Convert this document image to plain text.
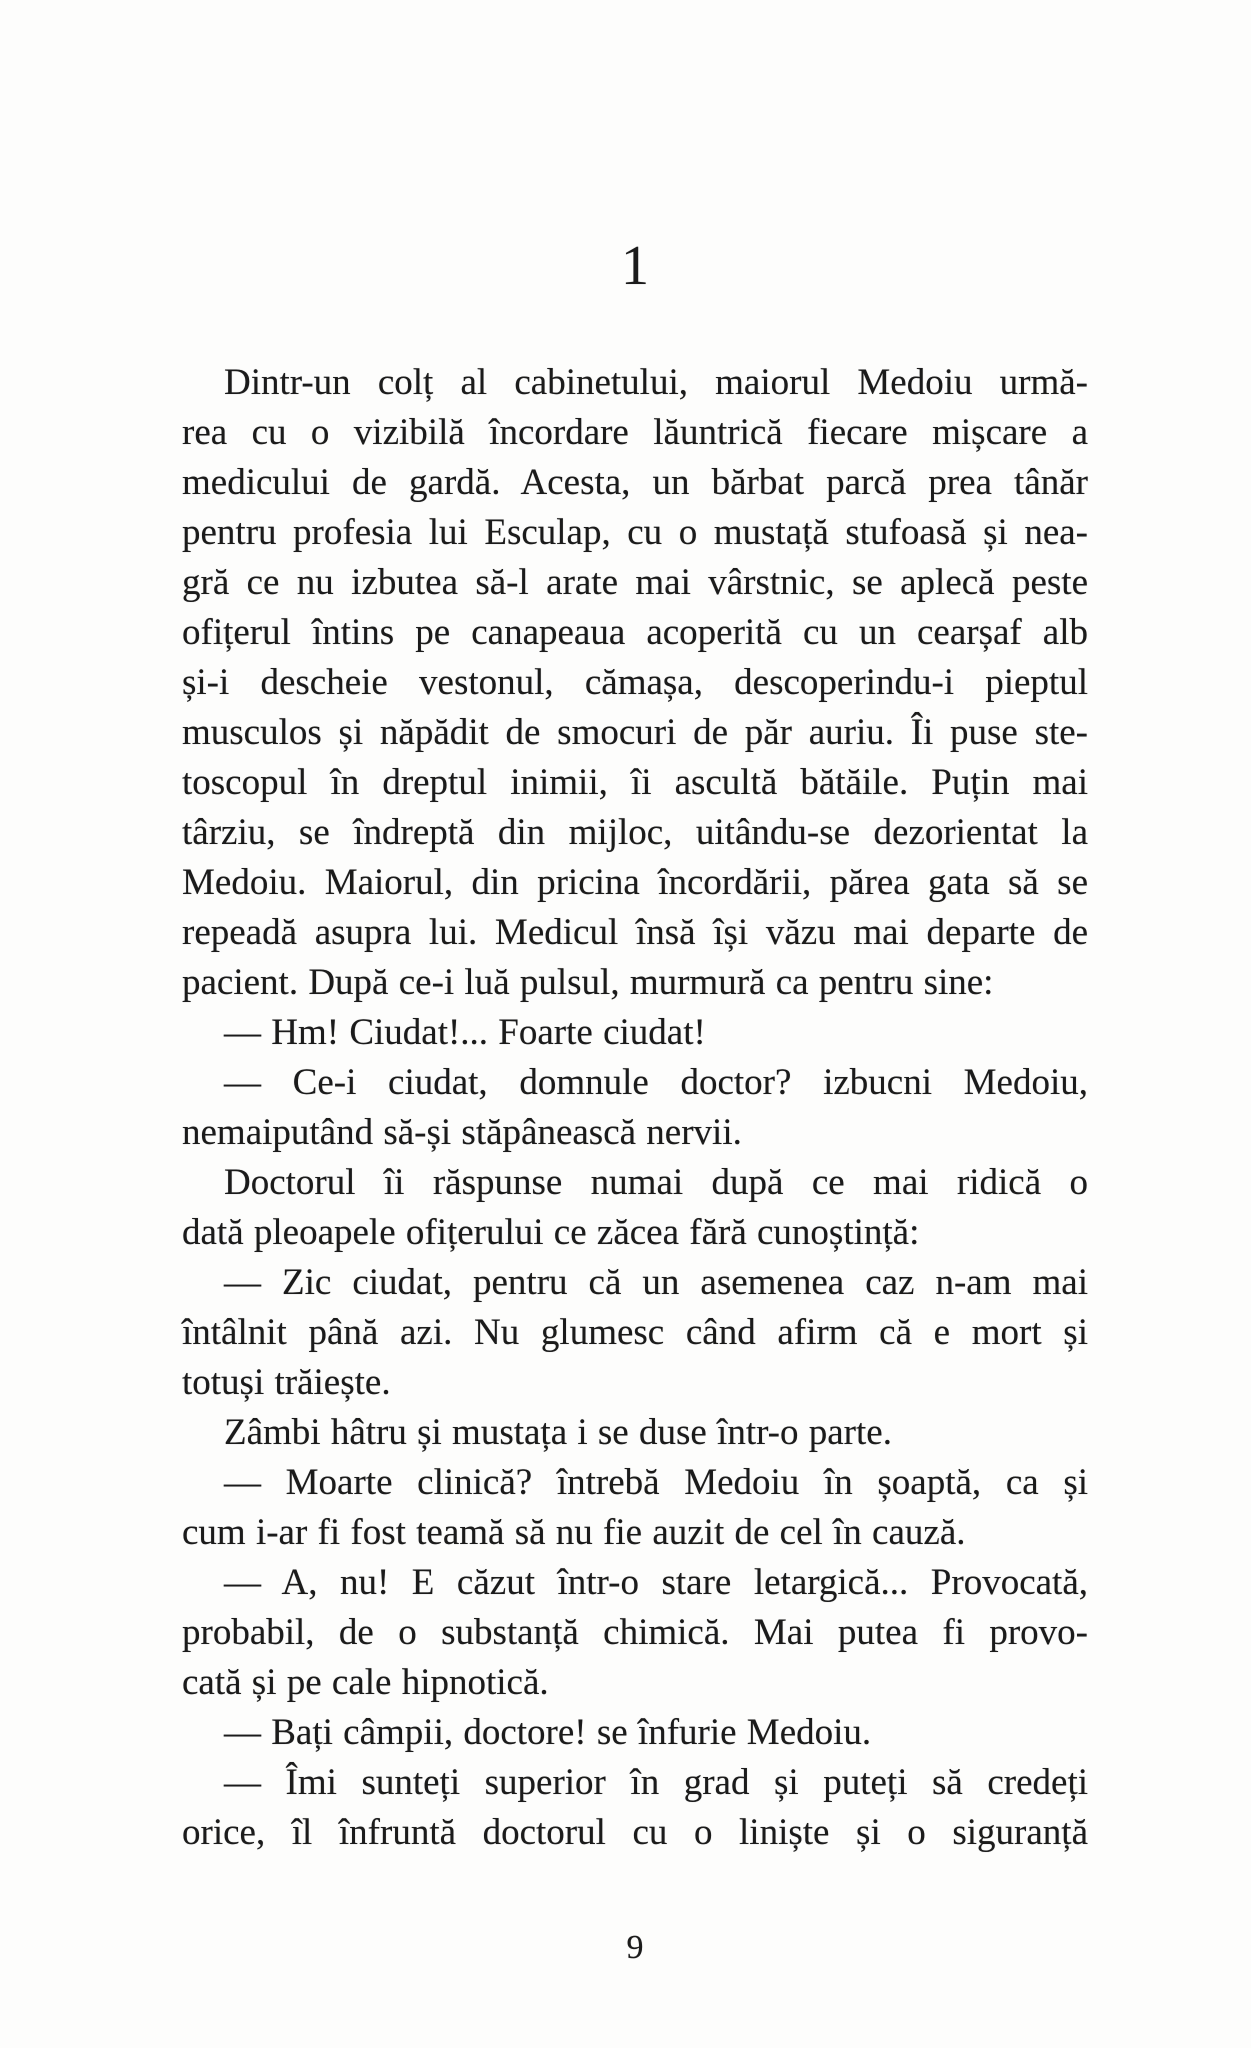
1
Dintr-un colț al cabinetului, maiorul Medoiu urmă-
rea cu o vizibilă încordare lăuntrică fiecare mișcare a
medicului de gardă. Acesta, un bărbat parcă prea tânăr
pentru profesia lui Esculap, cu o mustață stufoasă și nea-
gră ce nu izbutea să-l arate mai vârstnic, se aplecă peste
ofițerul întins pe canapeaua acoperită cu un cearșaf alb
și-i descheie vestonul, cămașa, descoperindu-i pieptul
musculos și năpădit de smocuri de păr auriu. Îi puse ste-
toscopul în dreptul inimii, îi ascultă bătăile. Puțin mai
târziu, se îndreptă din mijloc, uitându-se dezorientat la
Medoiu. Maiorul, din pricina încordării, părea gata să se
repeadă asupra lui. Medicul însă își văzu mai departe de
pacient. După ce-i luă pulsul, murmură ca pentru sine:
— Hm! Ciudat!... Foarte ciudat!
— Ce-i ciudat, domnule doctor? izbucni Medoiu,
nemaiputând să-și stăpânească nervii.
Doctorul îi răspunse numai după ce mai ridică o
dată pleoapele ofițerului ce zăcea fără cunoștință:
— Zic ciudat, pentru că un asemenea caz n-am mai
întâlnit până azi. Nu glumesc când afirm că e mort și
totuși trăiește.
Zâmbi hâtru și mustața i se duse într-o parte.
— Moarte clinică? întrebă Medoiu în șoaptă, ca și
cum i-ar fi fost teamă să nu fie auzit de cel în cauză.
— A, nu! E căzut într-o stare letargică... Provocată,
probabil, de o substanță chimică. Mai putea fi provo-
cată și pe cale hipnotică.
— Bați câmpii, doctore! se înfurie Medoiu.
— Îmi sunteți superior în grad și puteți să credeți
orice, îl înfruntă doctorul cu o liniște și o siguranță
9
